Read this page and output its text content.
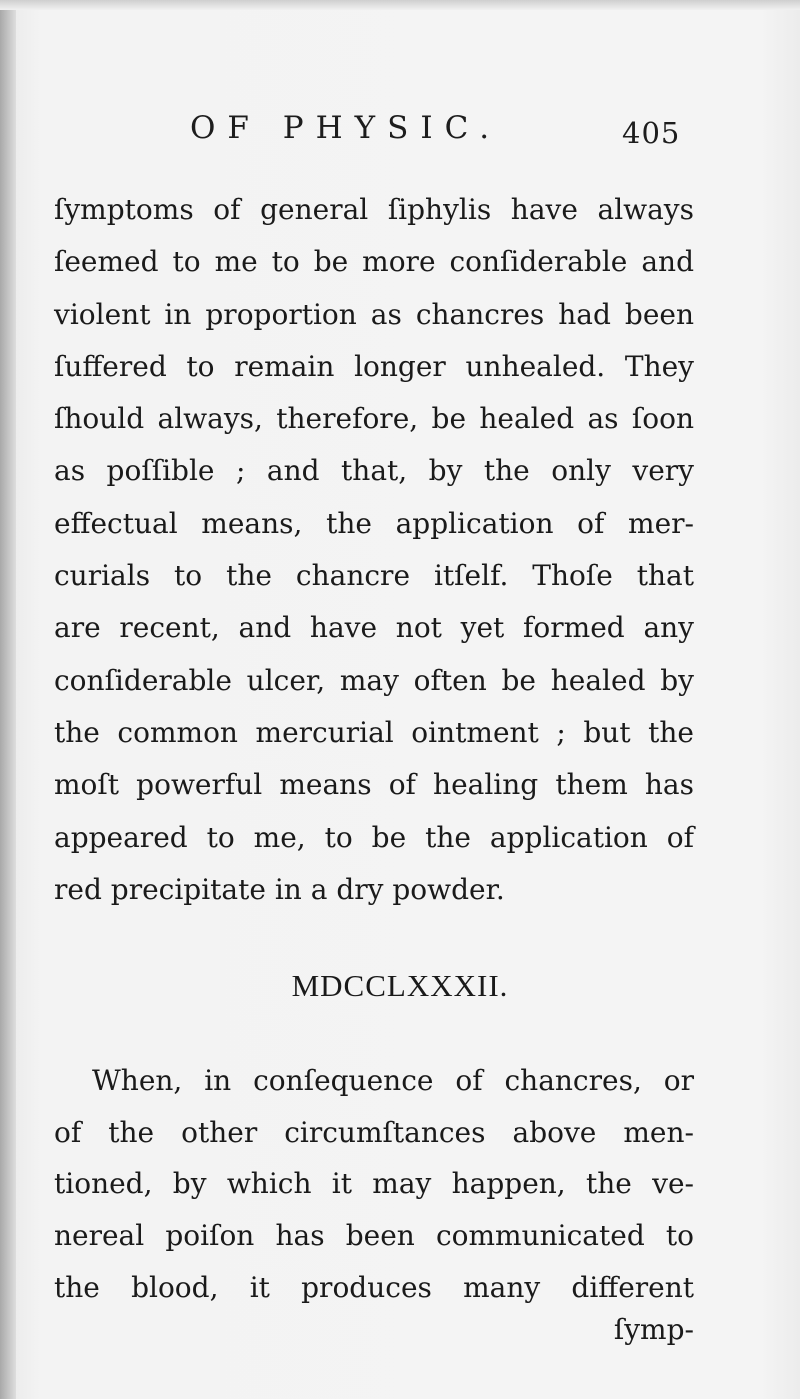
OF PHYSIC.	405
ſymptoms of general ſiphylis have always
ſeemed to me to be more conſiderable and
violent in proportion as chancres had been
ſuffered to remain longer unhealed. They
ſhould always, therefore, be healed as ſoon
as poſſible ; and that, by the only very
effectual means, the application of mer-
curials to the chancre itſelf. Thoſe that
are recent, and have not yet formed any
conſiderable ulcer, may often be healed by
the common mercurial ointment ; but the
moſt powerful means of healing them has
appeared to me, to be the application of
red precipitate in a dry powder.
MDCCLXXXII.
When, in conſequence of chancres, or
of the other circumſtances above men-
tioned, by which it may happen, the ve-
nereal poiſon has been communicated to
the blood, it produces many different
ſymp-
